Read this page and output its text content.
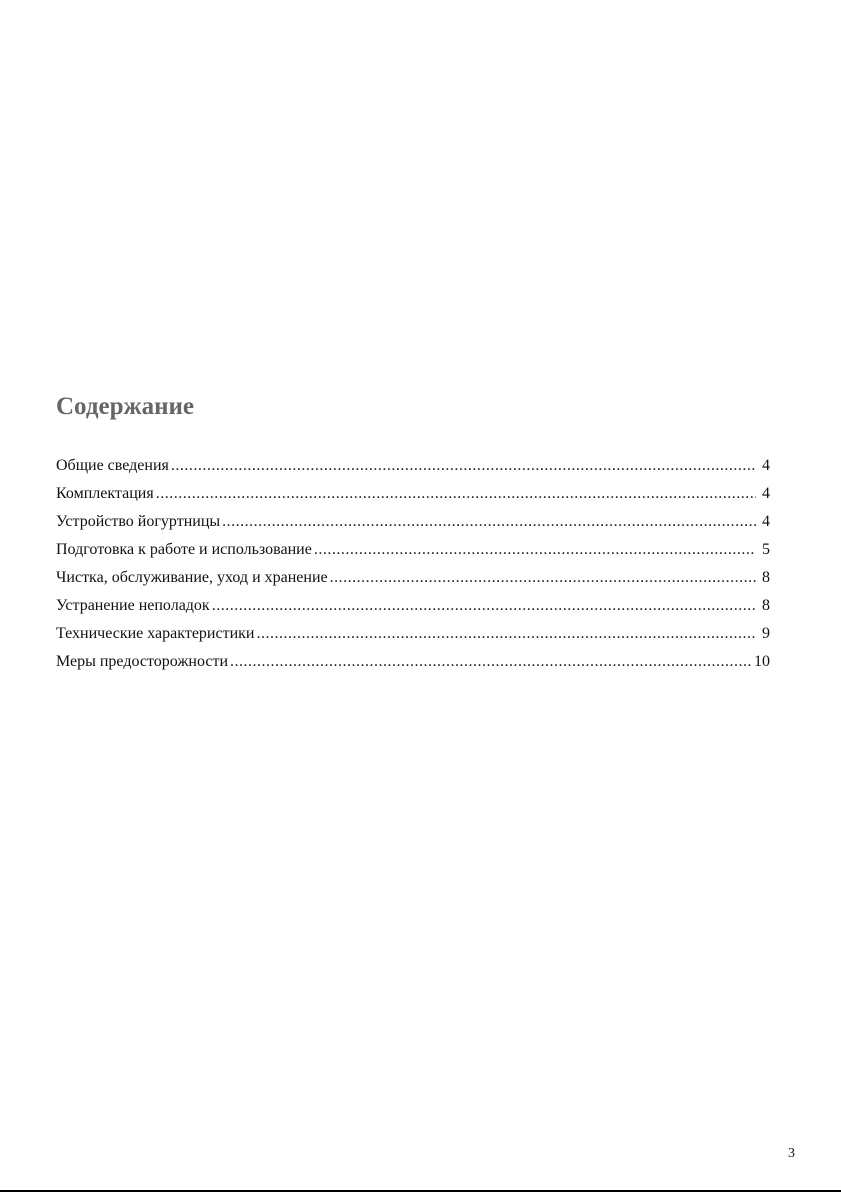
Содержание
Общие сведения .....	4
Комплектация .....	4
Устройство йогуртницы .....	4
Подготовка к работе и использование .....	5
Чистка, обслуживание, уход и хранение .....	8
Устранение неполадок .....	8
Технические характеристики .....	9
Меры предосторожности .....	10
3
